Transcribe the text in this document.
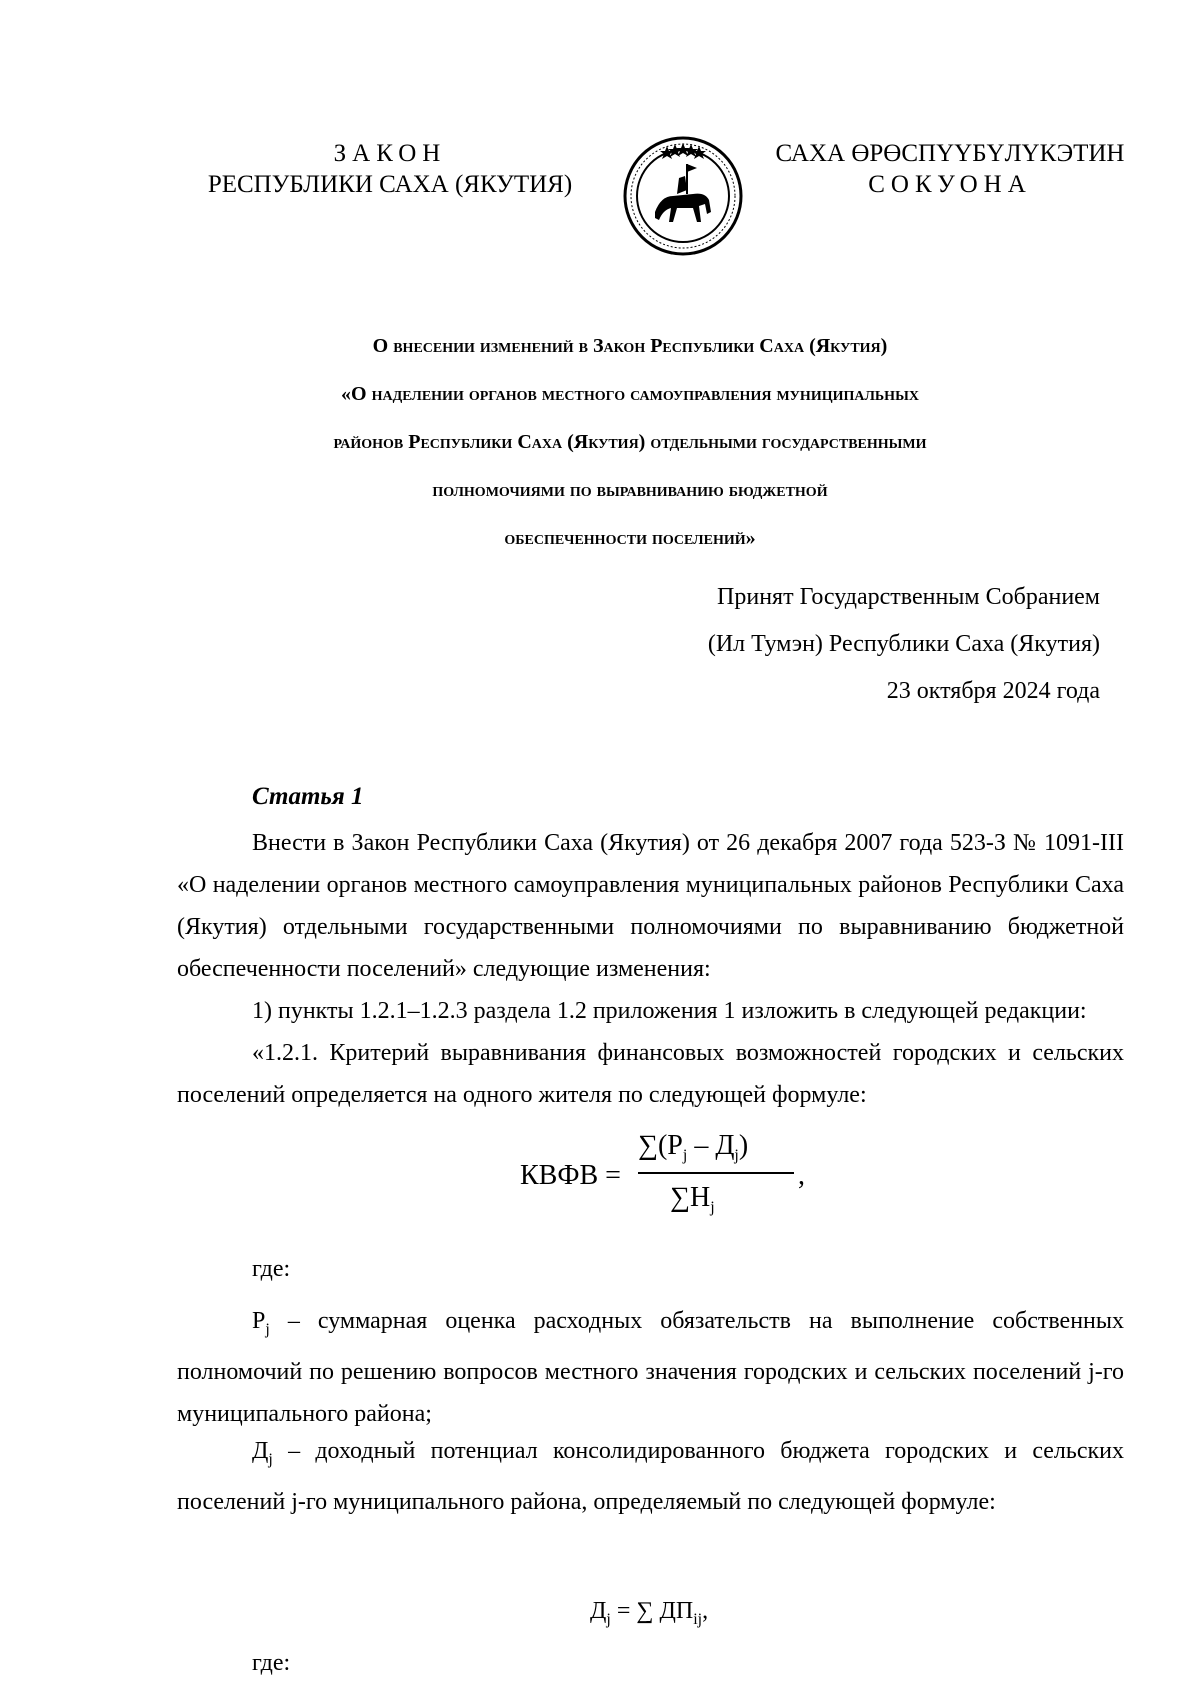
ЗАКОН
РЕСПУБЛИКИ САХА (ЯКУТИЯ)
САХА ӨРӨСПҮҮБҮЛҮКЭТИН
СОКУОНА
О внесении изменений в Закон Республики Саха (Якутия)
«О наделении органов местного самоуправления муниципальных
районов Республики Саха (Якутия) отдельными государственными
полномочиями по выравниванию бюджетной
обеспеченности поселений»
Принят Государственным Собранием
(Ил Тумэн) Республики Саха (Якутия)
23 октября 2024 года
Статья 1
Внести в Закон Республики Саха (Якутия) от 26 декабря 2007 года 523-З № 1091-III «О наделении органов местного самоуправления муниципальных районов Республики Саха (Якутия) отдельными государственными полномочиями по выравниванию бюджетной обеспеченности поселений» следующие изменения:
1) пункты 1.2.1–1.2.3 раздела 1.2 приложения 1 изложить в следующей редакции:
«1.2.1. Критерий выравнивания финансовых возможностей городских и сельских поселений определяется на одного жителя по следующей формуле:
КВФВ =
$\sum(P_j - Д_j)$
$\sum H_j$
,
где:
$P_j$ – суммарная оценка расходных обязательств на выполнение собственных полномочий по решению вопросов местного значения городских и сельских поселений j-го муниципального района;
$Д_j$ – доходный потенциал консолидированного бюджета городских и сельских поселений j-го муниципального района, определяемый по следующей формуле:
$Д_j$ = ∑ $ДП_{ij}$,
где:
